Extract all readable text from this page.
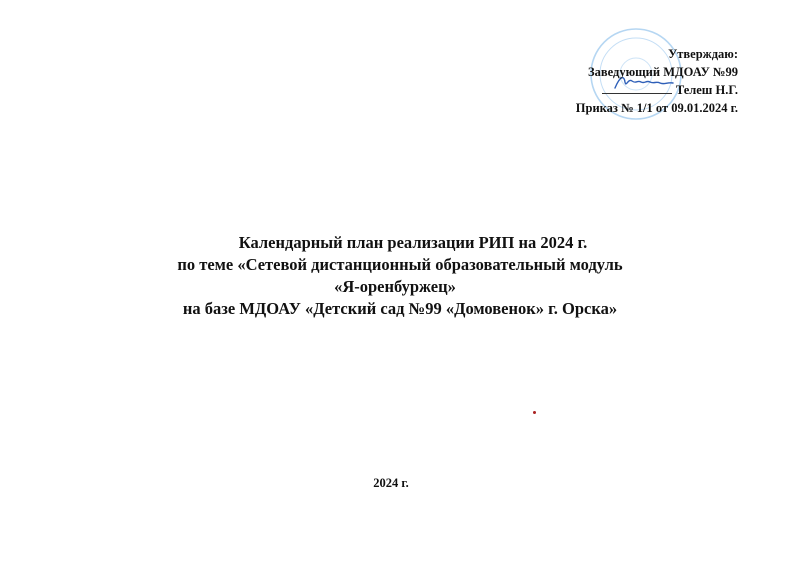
Утверждаю:
Заведующий МДОАУ №99
Телеш Н.Г.
Приказ № 1/1 от 09.01.2024 г.
Календарный план реализации РИП на 2024 г.
по теме «Сетевой дистанционный образовательный модуль
«Я-оренбуржец»
на базе МДОАУ «Детский сад №99 «Домовенок» г. Орска»
2024 г.
